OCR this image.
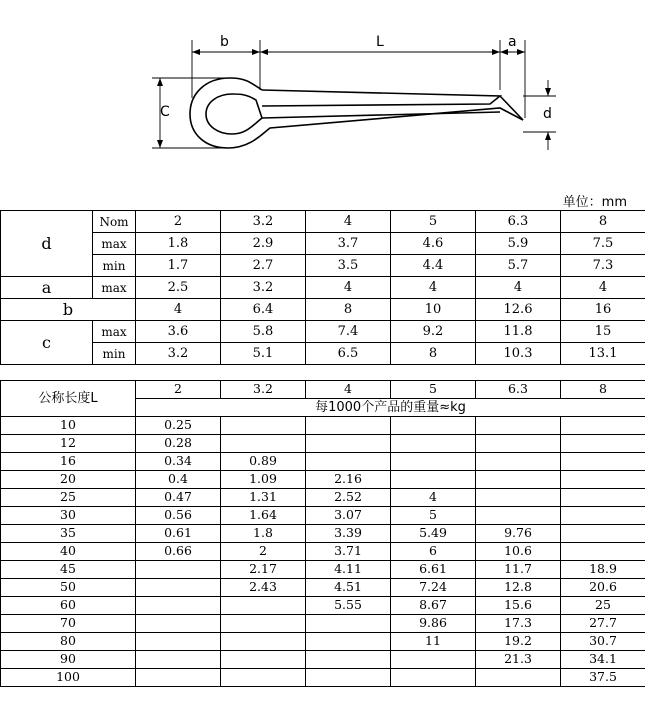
b	L	a
C	d
单位：mm
d	Nom	2	3.2	4	5	6.3	8
	max	1.8	2.9	3.7	4.6	5.9	7.5
	min	1.7	2.7	3.5	4.4	5.7	7.3
a	max	2.5	3.2	4	4	4	4
b		4	6.4	8	10	12.6	16
c	max	3.6	5.8	7.4	9.2	11.8	15
	min	3.2	5.1	6.5	8	10.3	13.1
公称长度L	2	3.2	4	5	6.3	8
	每1000个产品的重量≈kg					
10	0.25					
12	0.28					
16	0.34	0.89				
20	0.4	1.09	2.16			
25	0.47	1.31	2.52	4		
30	0.56	1.64	3.07	5		
35	0.61	1.8	3.39	5.49	9.76	
40	0.66	2	3.71	6	10.6	
45		2.17	4.11	6.61	11.7	18.9
50		2.43	4.51	7.24	12.8	20.6
60			5.55	8.67	15.6	25
70				9.86	17.3	27.7
80				11	19.2	30.7
90					21.3	34.1
100						37.5
